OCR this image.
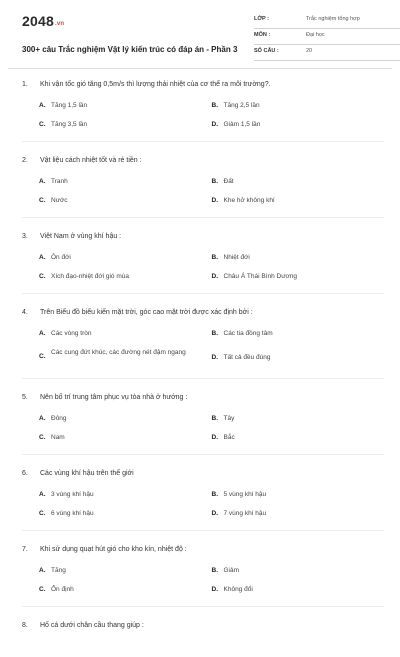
2048.vn
300+ câu Trắc nghiệm Vật lý kiến trúc có đáp án - Phần 3
LỚP :	Trắc nghiệm tổng hợp
MÔN :	Đại học
SỐ CÂU :	20
1. Khi vận tốc gió tăng 0,5m/s thì lượng thải nhiệt của cơ thể ra môi trường?.
A. Tăng 1,5 lần	B. Tăng 2,5 lần
C. Tăng 3,5 lần	D. Giảm 1,5 lần
2. Vật liệu cách nhiệt tốt và rẻ tiền :
A. Tranh	B. Đất
C. Nước	D. Khe hở không khí
3. Việt Nam ở vùng khí hậu :
A. Ôn đới	B. Nhiệt đới
C. Xích đạo-nhiệt đới gió mùa	D. Châu Á Thái Bình Dương
4. Trên Biểu đồ biểu kiến mặt trời, góc cao mặt trời được xác định bởi :
A. Các vòng tròn	B. Các tia đồng tâm
C.
Các cung đứt khúc, các đường nét đậm ngang
D. Tất cả đều đúng
5. Nên bố trí trung tâm phục vụ tòa nhà ở hướng :
A. Đông	B. Tây
C. Nam	D. Bắc
6. Các vùng khí hậu trên thế giới
A. 3 vùng khí hậu	B. 5 vùng khí hậu
C. 6 vùng khí hậu	D. 7 vùng khí hậu
7. Khi sử dụng quạt hút gió cho kho kín, nhiệt độ :
A. Tăng	B. Giảm
C. Ổn định	D. Không đổi
8. Hố cá dưới chân cầu thang giúp :
